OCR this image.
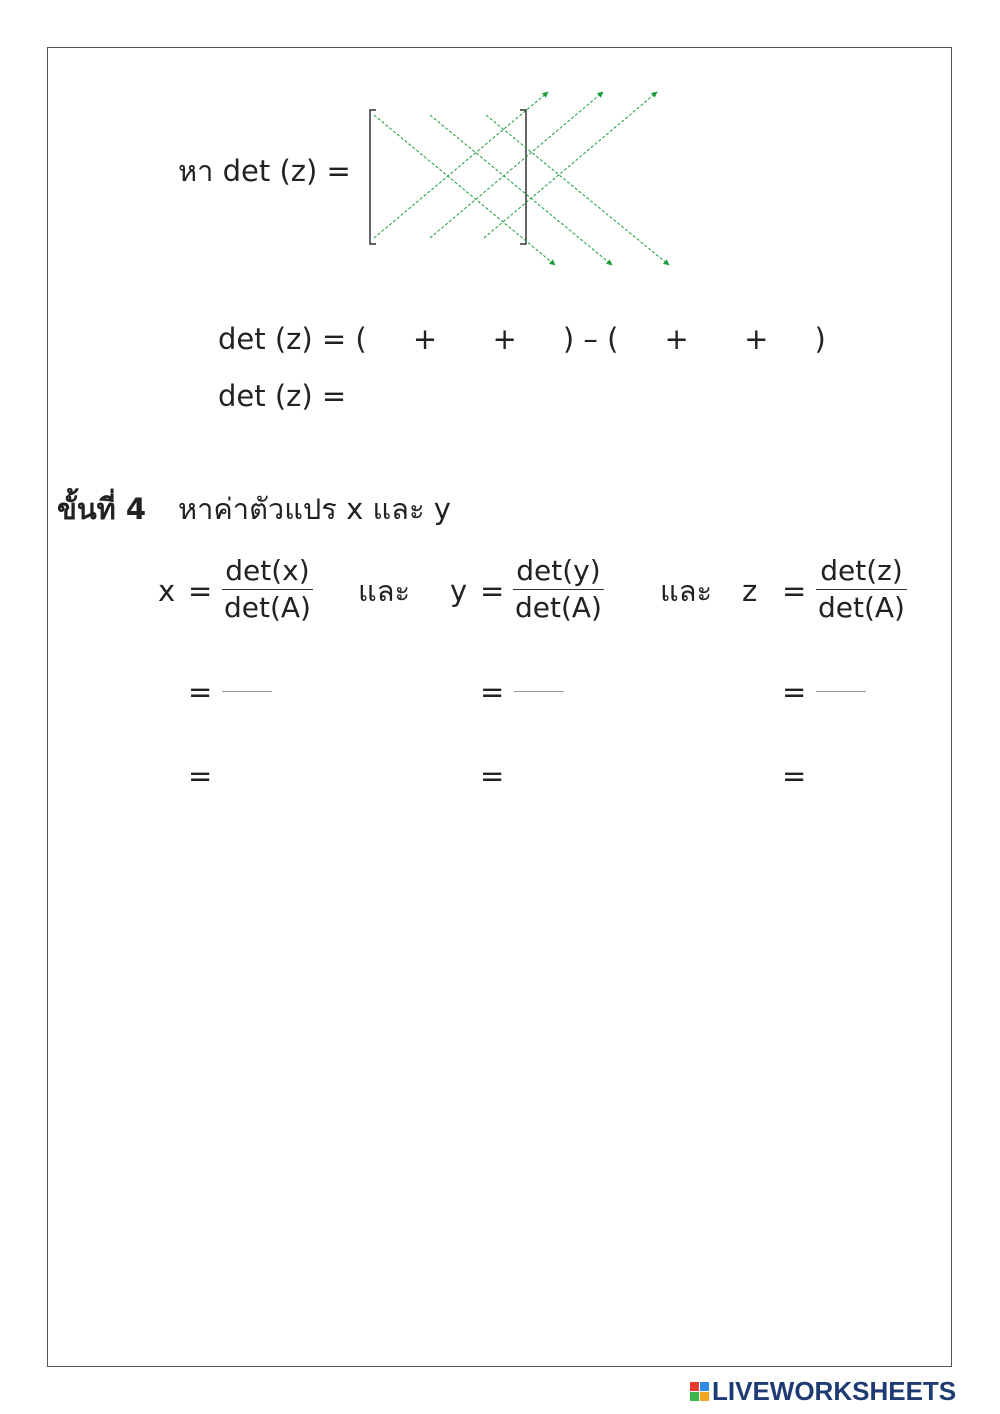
หา det (z) =
det (z) = (     +      +     ) – (     +      +     )
det (z) =
ขั้นที่ 4 หาค่าตัวแปร x และ y
x =
det(x)
det(A) และ y =
det(y)
det(A) และ z =
det(z)
det(A)
=	=	=
=	=	=
LIVEWORKSHEETS
